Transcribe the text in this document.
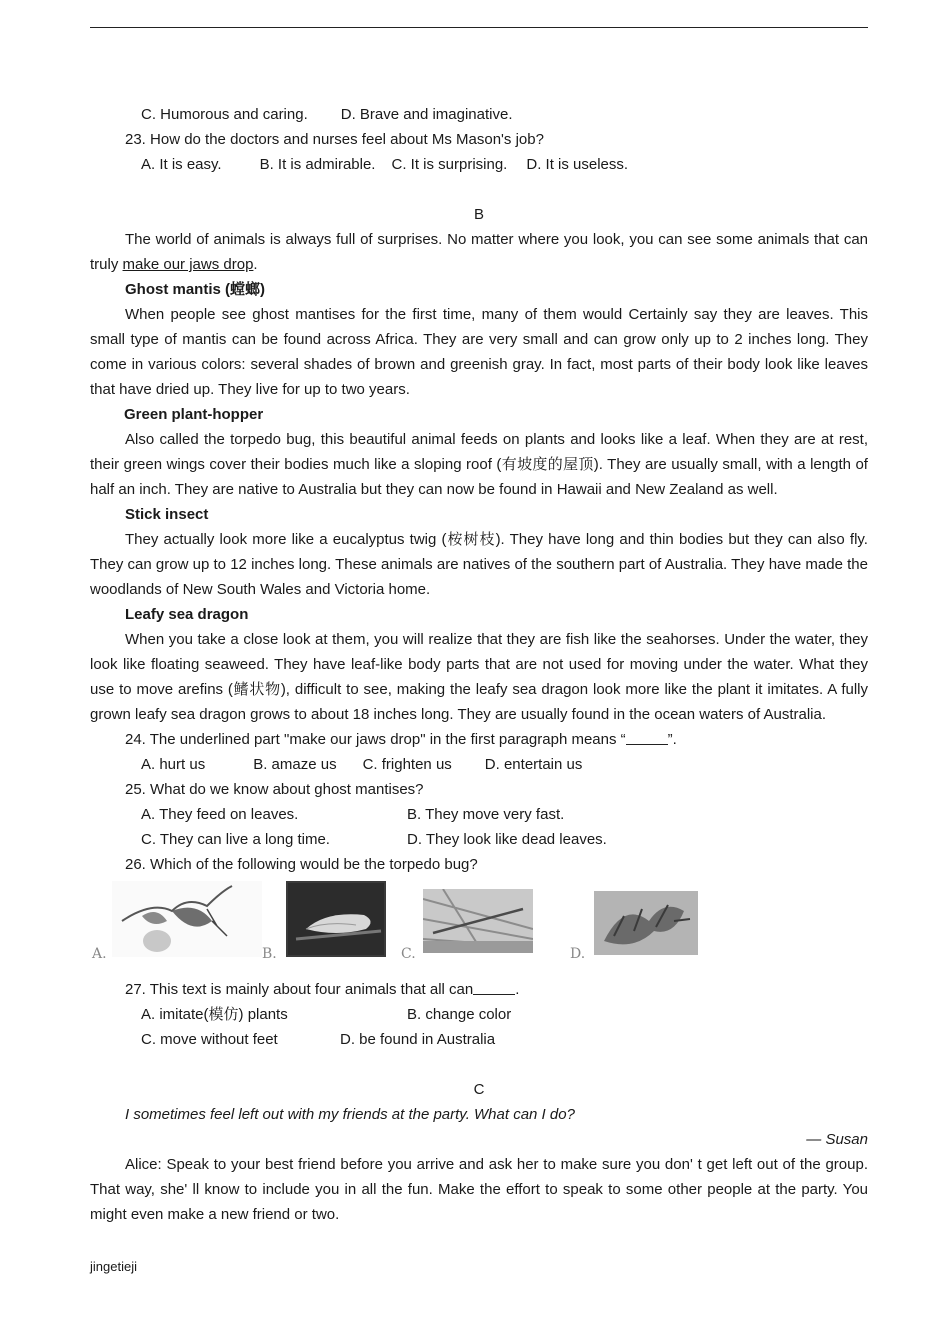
C. Humorous and caring. D. Brave and imaginative.
23. How do the doctors and nurses feel about Ms Mason's job?
A. It is easy.	B. It is admirable. C. It is surprising. D. It is useless.
B

The world of animals is always full of surprises. No matter where you look, you can see some animals that can truly make our jaws drop.

Ghost mantis (螳螂)

When people see ghost mantises for the first time, many of them would Certainly say they are leaves. This small type of mantis can be found across Africa. They are very small and can grow only up to 2 inches long. They come in various colors: several shades of brown and greenish gray. In fact, most parts of their body look like leaves that have dried up. They live for up to two years.

Green plant-hopper

Also called the torpedo bug, this beautiful animal feeds on plants and looks like a leaf. When they are at rest, their green wings cover their bodies much like a sloping roof (有坡度的屋顶). They are usually small, with a length of half an inch. They are native to Australia but they can now be found in Hawaii and New Zealand as well.

Stick insect

They actually look more like a eucalyptus twig (桉树枝). They have long and thin bodies but they can also fly. They can grow up to 12 inches long. These animals are natives of the southern part of Australia. They have made the woodlands of New South Wales and Victoria home.

Leafy sea dragon

When you take a close look at them, you will realize that they are fish like the seahorses. Under the water, they look like floating seaweed. They have leaf-like body parts that are not used for moving under the water. What they use to move arefins (鳍状物), difficult to see, making the leafy sea dragon look more like the plant it imitates. A fully grown leafy sea dragon grows to about 18 inches long. They are usually found in the ocean waters of Australia.

24. The underlined part "make our jaws drop" in the first paragraph means “	”.
A. hurt us	B. amaze us C. frighten us D. entertain us
25. What do we know about ghost mantises?
A. They feed on leaves.	B. They move very fast.
C. They can live a long time.	D. They look like dead leaves.
26. Which of the following would be the torpedo bug?
A.	B.	C.	D.
27. This text is mainly about four animals that all can	.
A. imitate(模仿) plants	B. change color
C. move without feet	D. be found in Australia
C
I sometimes feel left out with my friends at the party. What can I do?
— Susan

Alice: Speak to your best friend before you arrive and ask her to make sure you don' t get left out of the group. That way, she' ll know to include you in all the fun. Make the effort to speak to some other people at the party. You might even make a new friend or two.

jingetieji
